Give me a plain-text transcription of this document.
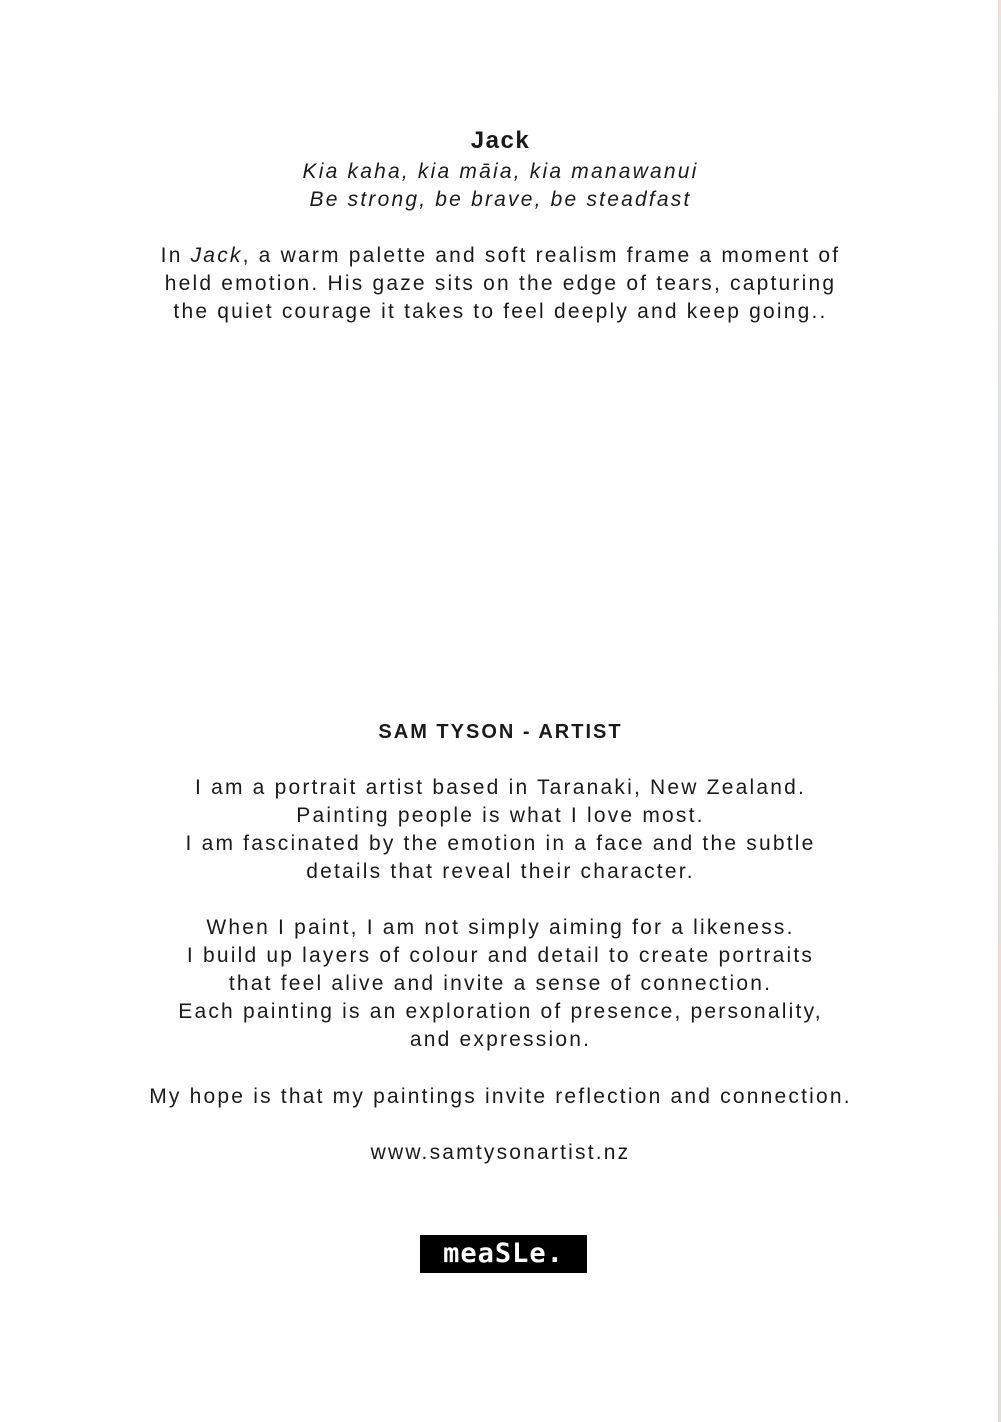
Jack
Kia kaha, kia māia, kia manawanui
Be strong, be brave, be steadfast
In Jack, a warm palette and soft realism frame a moment of
held emotion. His gaze sits on the edge of tears, capturing
the quiet courage it takes to feel deeply and keep going..
SAM TYSON - ARTIST
I am a portrait artist based in Taranaki, New Zealand.
Painting people is what I love most.
I am fascinated by the emotion in a face and the subtle
details that reveal their character.
When I paint, I am not simply aiming for a likeness.
I build up layers of colour and detail to create portraits
that feel alive and invite a sense of connection.
Each painting is an exploration of presence, personality,
and expression.
My hope is that my paintings invite reflection and connection.
www.samtysonartist.nz
meaSLe.
